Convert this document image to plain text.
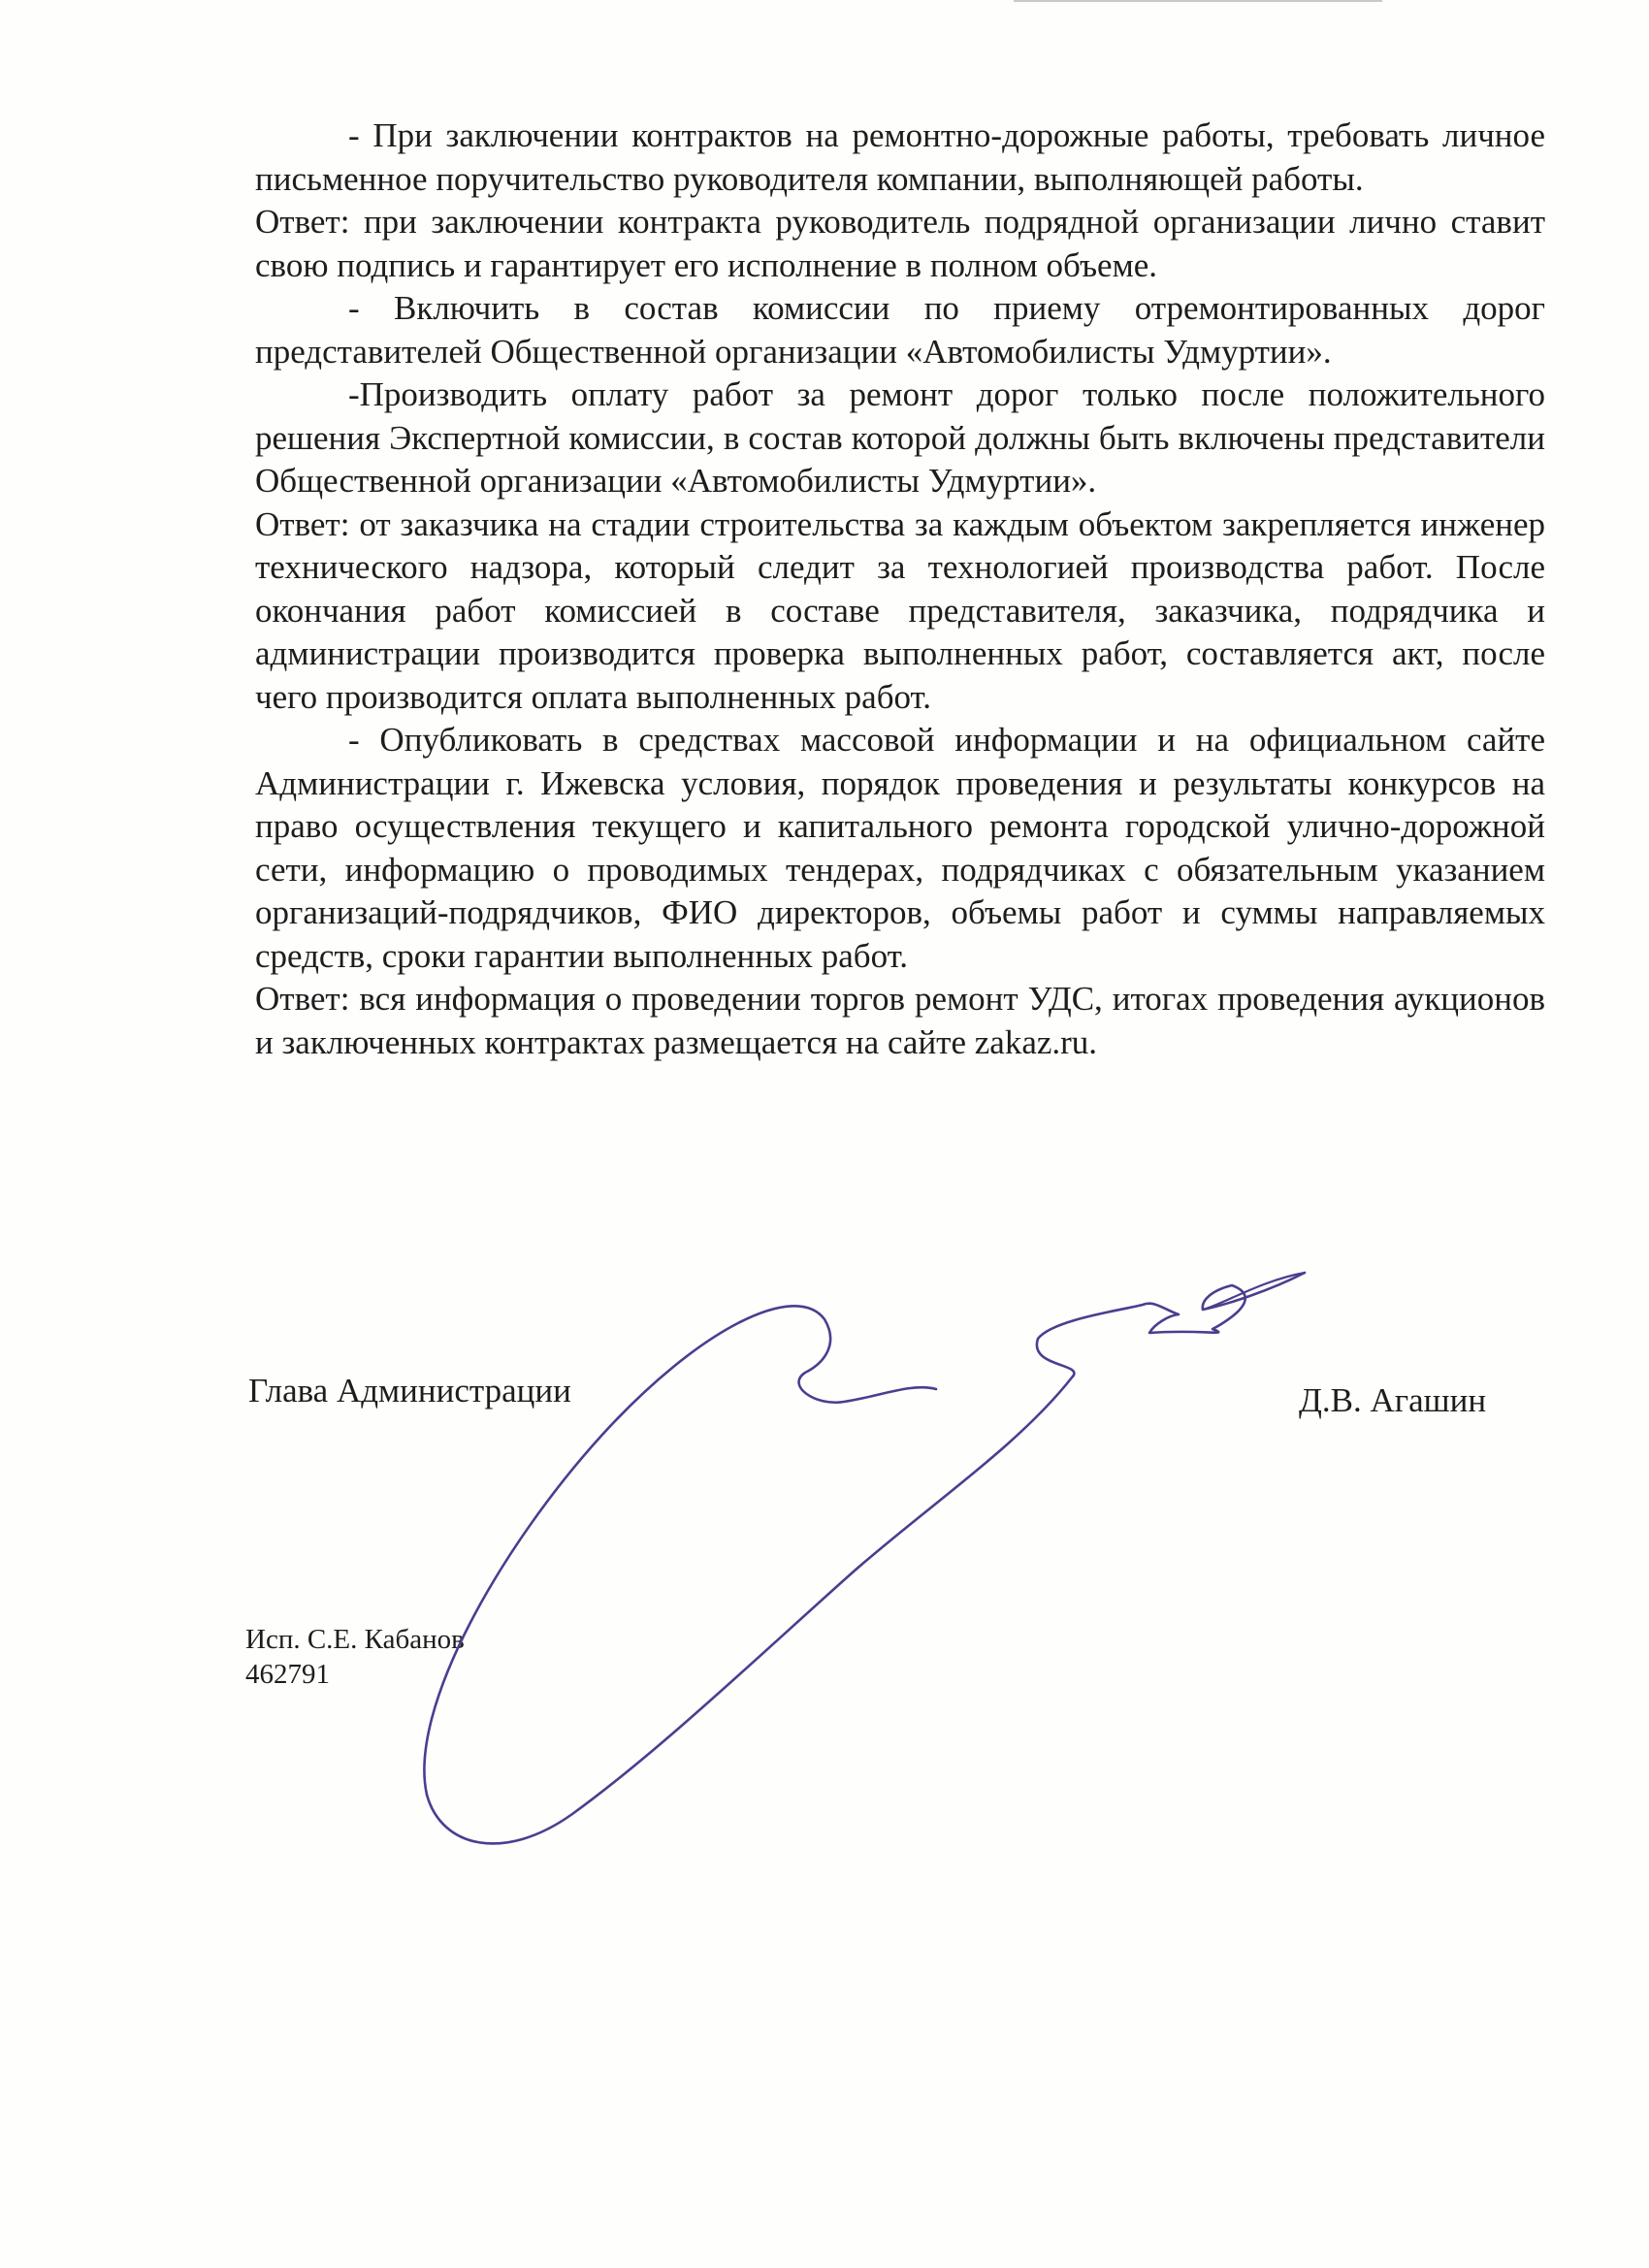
- При заключении контрактов на ремонтно-дорожные работы, требовать личное письменное поручительство руководителя компании, выполняющей работы.

Ответ: при заключении контракта руководитель подрядной организации лично ставит свою подпись и гарантирует его исполнение в полном объеме.

- Включить в состав комиссии по приему отремонтированных дорог представителей Общественной организации «Автомобилисты Удмуртии».

-Производить оплату работ за ремонт дорог только после положительного решения Экспертной комиссии, в состав которой должны быть включены представители Общественной организации «Автомобилисты Удмуртии».

Ответ: от заказчика на стадии строительства за каждым объектом закрепляется инженер технического надзора, который следит за технологией производства работ. После окончания работ комиссией в составе представителя, заказчика, подрядчика и администрации производится проверка выполненных работ, составляется акт, после чего производится оплата выполненных работ.

- Опубликовать в средствах массовой информации и на официальном сайте Администрации г. Ижевска условия, порядок проведения и результаты конкурсов на право осуществления текущего и капитального ремонта городской улично-дорожной сети, информацию о проводимых тендерах, подрядчиках с обязательным указанием организаций-подрядчиков, ФИО директоров, объемы работ и суммы направляемых средств, сроки гарантии выполненных работ.

Ответ: вся информация о проведении торгов ремонт УДС, итогах проведения аукционов и заключенных контрактах размещается на сайте zakaz.ru.

Глава Администрации	Д.В. Агашин
Исп. С.Е. Кабанов
462791
